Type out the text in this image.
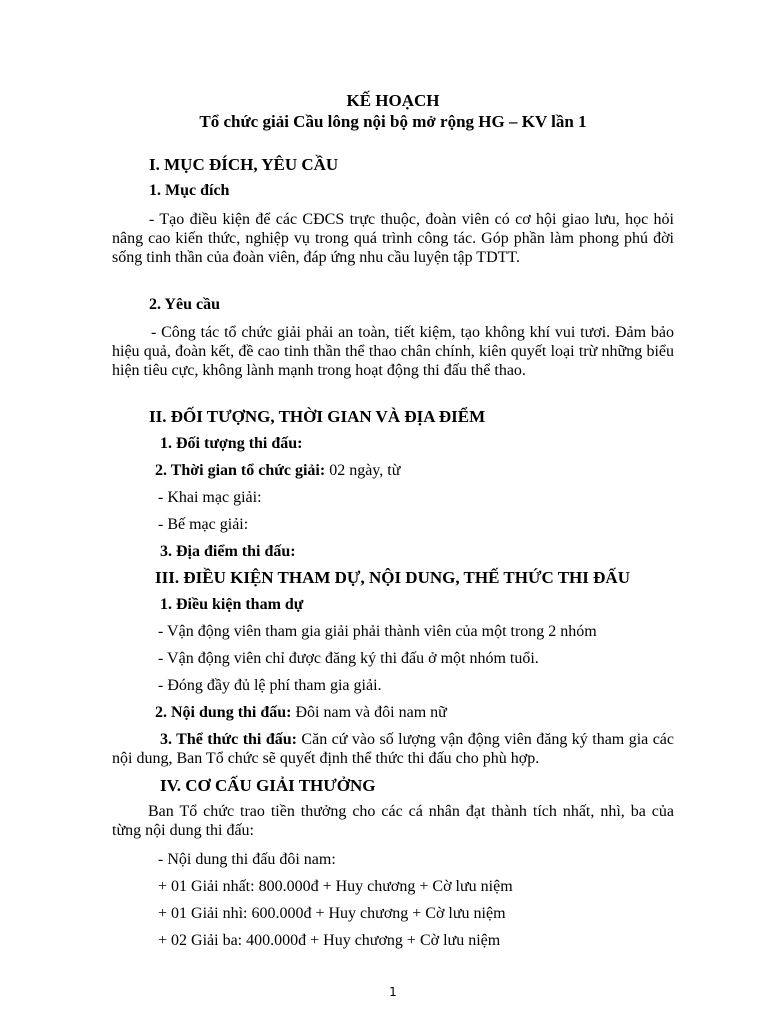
KẾ HOẠCH
Tổ chức giải Cầu lông nội bộ mở rộng HG – KV lần 1
I. MỤC ĐÍCH, YÊU CẦU
1. Mục đích
- Tạo điều kiện để các CĐCS trực thuộc, đoàn viên có cơ hội giao lưu, học hỏi nâng cao kiến thức, nghiệp vụ trong quá trình công tác. Góp phần làm phong phú đời sống tinh thần của đoàn viên, đáp ứng nhu cầu luyện tập TDTT.
2. Yêu cầu
- Công tác tổ chức giải phải an toàn, tiết kiệm, tạo không khí vui tươi. Đảm bảo hiệu quả, đoàn kết, đề cao tinh thần thể thao chân chính, kiên quyết loại trừ những biểu hiện tiêu cực, không lành mạnh trong hoạt động thi đấu thể thao.
II. ĐỐI TƯỢNG, THỜI GIAN VÀ ĐỊA ĐIỂM
1. Đối tượng thi đấu:
2. Thời gian tổ chức giải: 02 ngày, từ
- Khai mạc giải:
- Bế mạc giải:
3. Địa điểm thi đấu:
III. ĐIỀU KIỆN THAM DỰ, NỘI DUNG, THẾ THỨC THI ĐẤU
1. Điều kiện tham dự
- Vận động viên tham gia giải phải thành viên của một trong 2 nhóm
- Vận động viên chỉ được đăng ký thi đấu ở một nhóm tuổi.
- Đóng đầy đủ lệ phí tham gia giải.
2. Nội dung thi đấu: Đôi nam và đôi nam nữ
3. Thể thức thi đấu: Căn cứ vào số lượng vận động viên đăng ký tham gia các nội dung, Ban Tổ chức sẽ quyết định thể thức thi đấu cho phù hợp.
IV. CƠ CẤU GIẢI THƯỞNG
Ban Tổ chức trao tiền thưởng cho các cá nhân đạt thành tích nhất, nhì, ba của từng nội dung thi đấu:
- Nội dung thi đấu đôi nam:
+ 01 Giải nhất: 800.000đ + Huy chương + Cờ lưu niệm
+ 01 Giải nhì: 600.000đ + Huy chương + Cờ lưu niệm
+ 02 Giải ba: 400.000đ + Huy chương + Cờ lưu niệm
1
